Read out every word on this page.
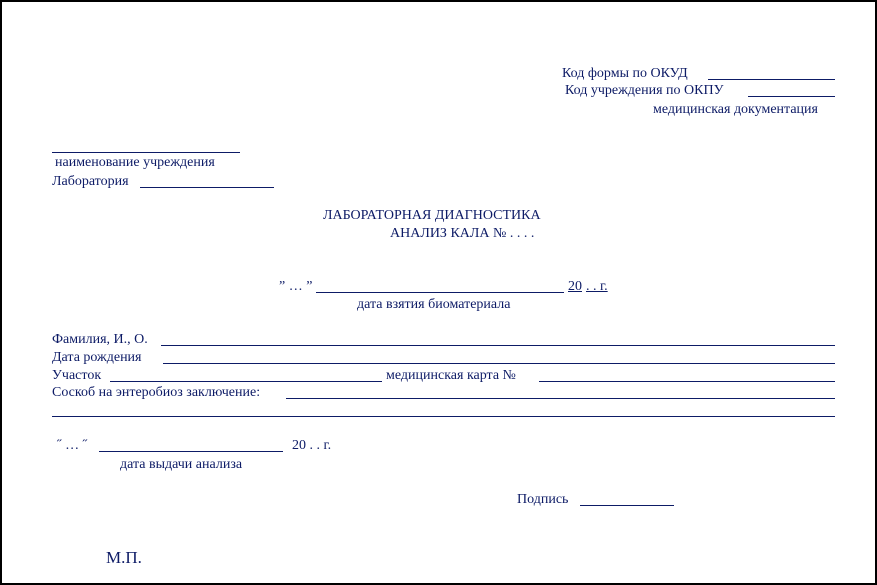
Код формы по ОКУД
Код учреждения по ОКПУ
медицинская документация
наименование учреждения
Лаборатория
ЛАБОРАТОРНАЯ ДИАГНОСТИКА
АНАЛИЗ КАЛА № . . . .
” … ”	20 . . г.
дата взятия биоматериала
Фамилия, И., О.
Дата рождения
Участок	медицинская карта №
Соскоб на энтеробиоз заключение:
˝ … ˝	20 . . г.
дата выдачи анализа
Подпись
М.П.
